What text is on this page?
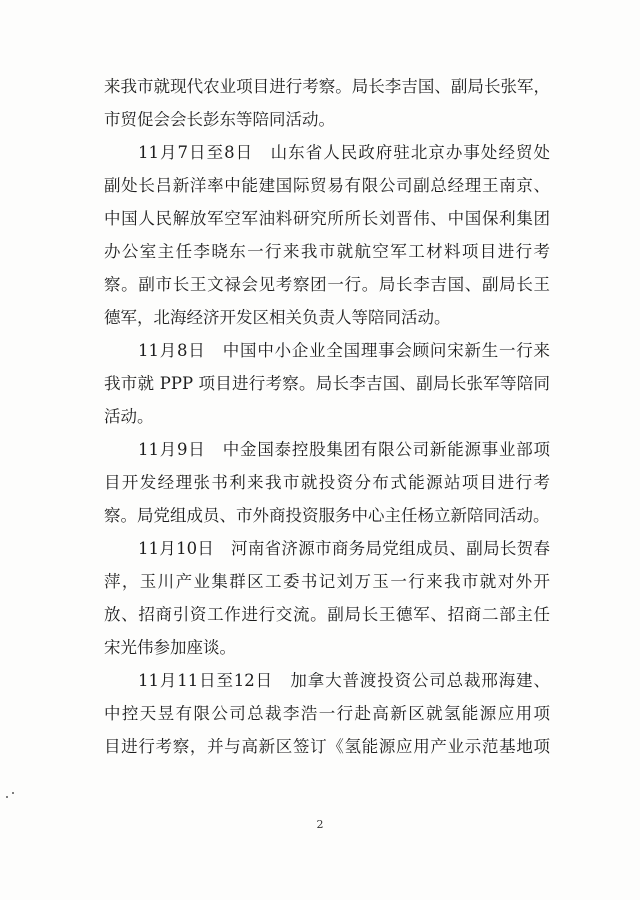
来我市就现代农业项目进行考察。局长李吉国、副局长张军，
市贸促会会长彭东等陪同活动。
11月7日至8日　山东省人民政府驻北京办事处经贸处
副处长吕新洋率中能建国际贸易有限公司副总经理王南京、
中国人民解放军空军油料研究所所长刘晋伟、中国保利集团
办公室主任李晓东一行来我市就航空军工材料项目进行考
察。副市长王文禄会见考察团一行。局长李吉国、副局长王
德军，北海经济开发区相关负责人等陪同活动。
11月8日　中国中小企业全国理事会顾问宋新生一行来
我市就 PPP 项目进行考察。局长李吉国、副局长张军等陪同
活动。
11月9日　中金国泰控股集团有限公司新能源事业部项
目开发经理张书利来我市就投资分布式能源站项目进行考
察。局党组成员、市外商投资服务中心主任杨立新陪同活动。
11月10日　河南省济源市商务局党组成员、副局长贺春
萍，玉川产业集群区工委书记刘万玉一行来我市就对外开
放、招商引资工作进行交流。副局长王德军、招商二部主任
宋光伟参加座谈。
11月11日至12日　加拿大普渡投资公司总裁邢海建、
中控天昱有限公司总裁李浩一行赴高新区就氢能源应用项
目进行考察，并与高新区签订《氢能源应用产业示范基地项
2
